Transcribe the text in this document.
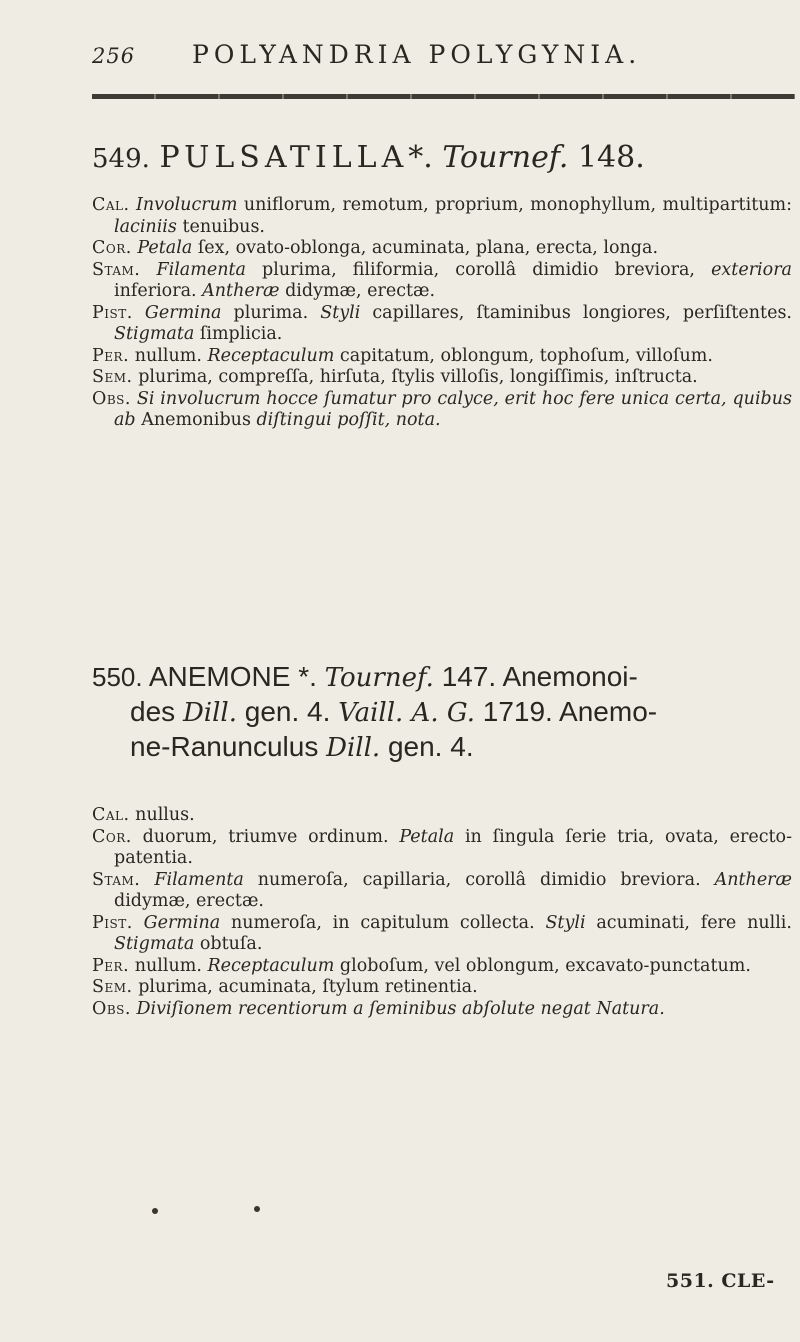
256	POLYANDRIA POLYGYNIA.
549. PULSATILLA*. Tournef. 148.

Cal. Involucrum uniflorum, remotum, proprium, monophyllum, multipartitum: laciniis tenuibus.

Cor. Petala ſex, ovato-oblonga, acuminata, plana, erecta, longa.

Stam. Filamenta plurima, filiformia, corollâ dimidio breviora, exteriora inferiora. Antheræ didymæ, erectæ.

Pist. Germina plurima. Styli capillares, ſtaminibus longiores, perſiſtentes. Stigmata ſimplicia.

Per. nullum. Receptaculum capitatum, oblongum, tophoſum, villoſum.

Sem. plurima, compreſſa, hirſuta, ſtylis villoſis, longiſſimis, inſtructa.

Obs. Si involucrum hocce ſumatur pro calyce, erit hoc fere unica certa, quibus ab Anemonibus diſtingui poſſit, nota.

550. ANEMONE *. Tournef. 147. Anemonoi-
des Dill. gen. 4. Vaill. A. G. 1719. Anemo-
ne-Ranunculus Dill. gen. 4.

Cal. nullus.

Cor. duorum, triumve ordinum. Petala in ſingula ſerie tria, ovata, erecto-patentia.

Stam. Filamenta numeroſa, capillaria, corollâ dimidio breviora. Antheræ didymæ, erectæ.

Pist. Germina numeroſa, in capitulum collecta. Styli acuminati, fere nulli. Stigmata obtuſa.

Per. nullum. Receptaculum globoſum, vel oblongum, excavato-punctatum.

Sem. plurima, acuminata, ſtylum retinentia.

Obs. Diviſionem recentiorum a ſeminibus abſolute negat Natura.

551. CLE-
